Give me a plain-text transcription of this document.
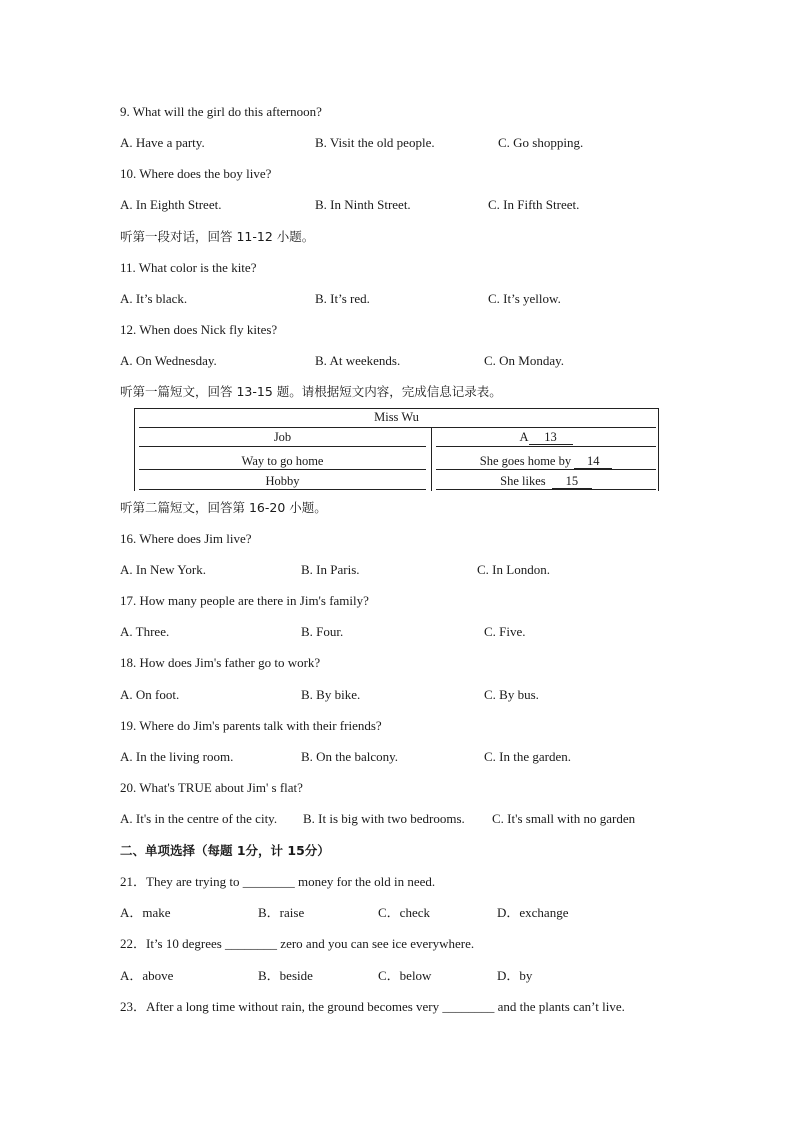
9. What will the girl do this afternoon?
A. Have a party.	B. Visit the old people.	C. Go shopping.
10. Where does the boy live?
A. In Eighth Street.	B. In Ninth Street.	C. In Fifth Street.
听第一段对话，回答 11-12 小题。
11. What color is the kite?
A. It’s black.	B. It’s red.	C. It’s yellow.
12. When does Nick fly kites?
A. On Wednesday.	B. At weekends.	C. On Monday.
听第一篇短文，回答 13-15 题。请根据短文内容，完成信息记录表。
Miss Wu
Job	A 13
Way to go home	She goes home by 14
Hobby	She likes 15
听第二篇短文，回答第 16-20 小题。
16. Where does Jim live?
A. In New York.	B. In Paris.	C. In London.
17. How many people are there in Jim's family?
A. Three.	B. Four.	C. Five.
18. How does Jim's father go to work?
A. On foot.	B. By bike.	C. By bus.
19. Where do Jim's parents talk with their friends?
A. In the living room.	B. On the balcony.	C. In the garden.
20. What's TRUE about Jim' s flat?
A. It's in the centre of the city. B. It is big with two bedrooms. C. It's small with no garden
二、单项选择（每题 1分，计 15分）
21．They are trying to ________ money for the old in need.
A．make	B．raise	C．check	D．exchange
22．It’s 10 degrees ________ zero and you can see ice everywhere.
A．above	B．beside	C．below	D．by
23．After a long time without rain, the ground becomes very ________ and the plants can’t live.
